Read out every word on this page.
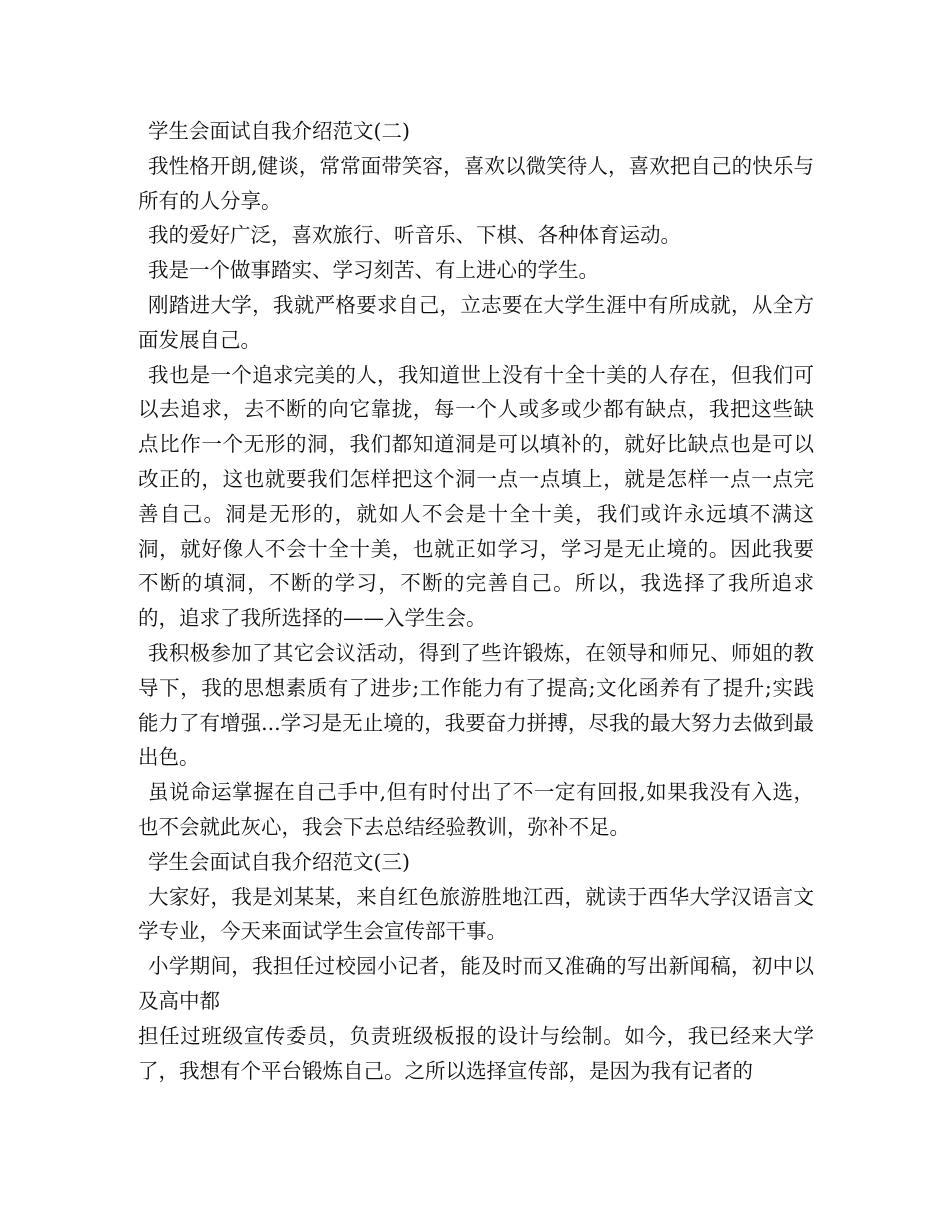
学生会面试自我介绍范文(二)

我性格开朗,健谈，常常面带笑容，喜欢以微笑待人，喜欢把自己的快乐与所有的人分享。

我的爱好广泛，喜欢旅行、听音乐、下棋、各种体育运动。

我是一个做事踏实、学习刻苦、有上进心的学生。

刚踏进大学，我就严格要求自己，立志要在大学生涯中有所成就，从全方面发展自己。

我也是一个追求完美的人，我知道世上没有十全十美的人存在，但我们可以去追求，去不断的向它靠拢，每一个人或多或少都有缺点，我把这些缺点比作一个无形的洞，我们都知道洞是可以填补的，就好比缺点也是可以改正的，这也就要我们怎样把这个洞一点一点填上，就是怎样一点一点完善自己。洞是无形的，就如人不会是十全十美，我们或许永远填不满这洞，就好像人不会十全十美，也就正如学习，学习是无止境的。因此我要不断的填洞，不断的学习，不断的完善自己。所以，我选择了我所追求的，追求了我所选择的——入学生会。

我积极参加了其它会议活动，得到了些许锻炼，在领导和师兄、师姐的教导下，我的思想素质有了进步;工作能力有了提高;文化函养有了提升;实践能力了有增强...学习是无止境的，我要奋力拼搏，尽我的最大努力去做到最出色。

虽说命运掌握在自己手中,但有时付出了不一定有回报,如果我没有入选，也不会就此灰心，我会下去总结经验教训，弥补不足。

学生会面试自我介绍范文(三)

大家好，我是刘某某，来自红色旅游胜地江西，就读于西华大学汉语言文学专业，今天来面试学生会宣传部干事。

小学期间，我担任过校园小记者，能及时而又准确的写出新闻稿，初中以及高中都

担任过班级宣传委员，负责班级板报的设计与绘制。如今，我已经来大学了，我想有个平台锻炼自己。之所以选择宣传部，是因为我有记者的
